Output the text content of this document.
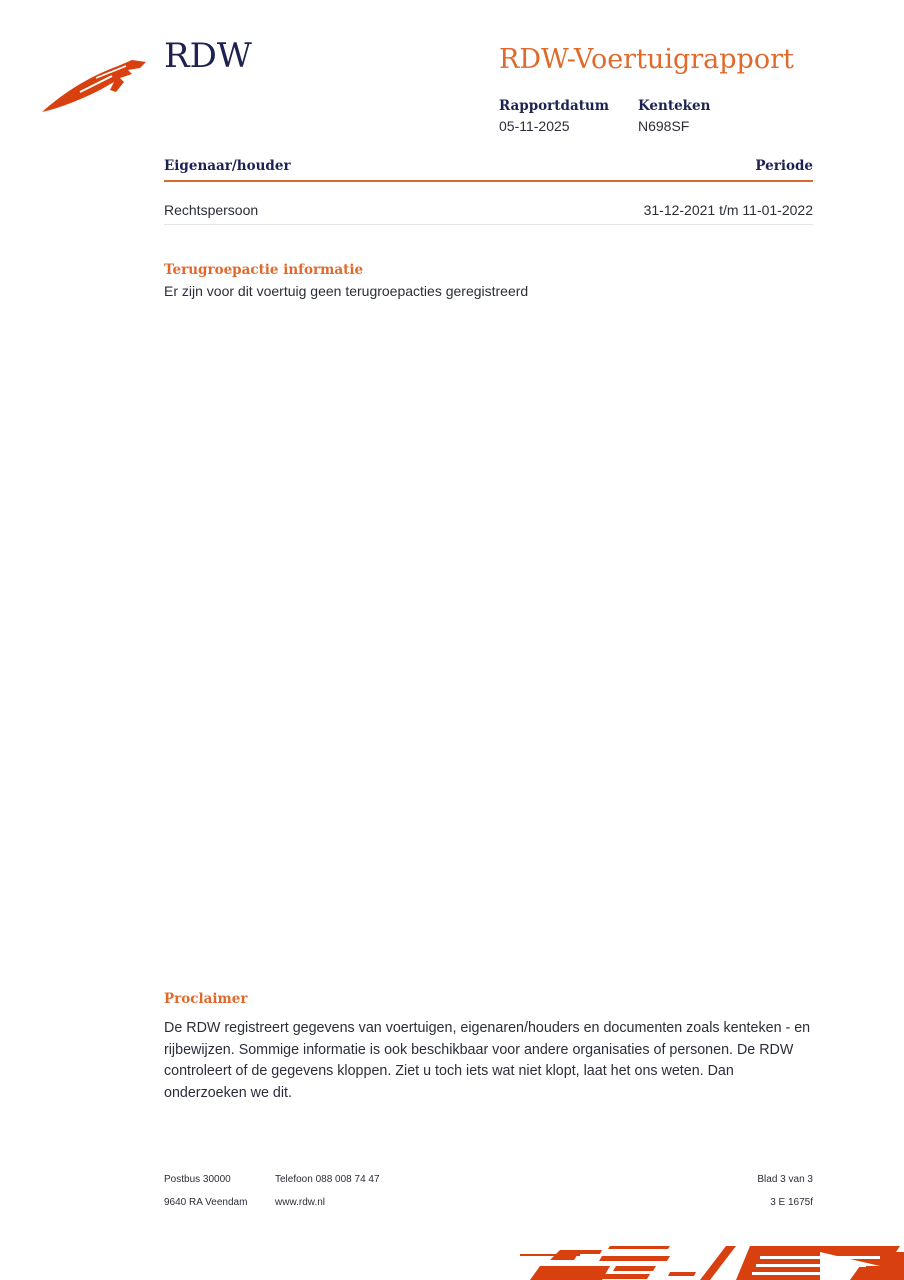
RDW	RDW-Voertuigrapport
Rapportdatum
05-11-2025
Kenteken
N698SF
Eigenaar/houder	Periode
Rechtspersoon	31-12-2021 t/m 11-01-2022
Terugroepactie informatie
Er zijn voor dit voertuig geen terugroepacties geregistreerd
Proclaimer
De RDW registreert gegevens van voertuigen, eigenaren/houders en documenten zoals kenteken - en rijbewijzen. Sommige informatie is ook beschikbaar voor andere organisaties of personen. De RDW controleert of de gegevens kloppen. Ziet u toch iets wat niet klopt, laat het ons weten. Dan onderzoeken we dit.
Postbus 30000
9640 RA Veendam
Telefoon 088 008 74 47
www.rdw.nl
Blad 3 van 3
3 E 1675f
